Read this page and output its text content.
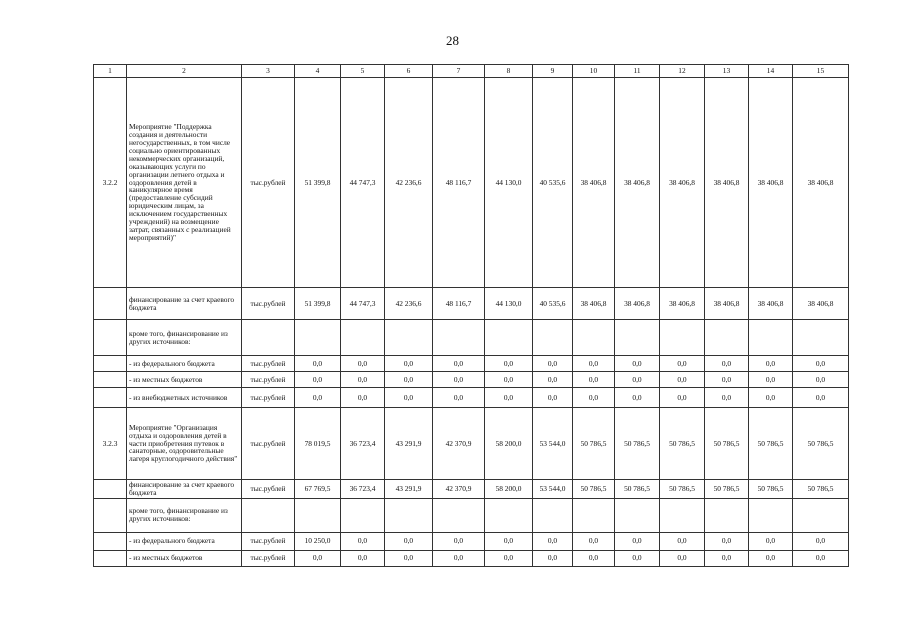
28
1	2	3	4	5	6	7	8	9	10	11	12	13	14	15
3.2.2	Мероприятие "Поддержка создания и деятельности негосударственных, в том числе социально ориентированных некоммерческих организаций, оказывающих услуги по организации летнего отдыха и оздоровления детей в каникулярное время (предоставление субсидий юридическим лицам, за исключением государственных учреждений) на возмещение затрат, связанных с реализацией мероприятий)"	тыс.рублей	51 399,8	44 747,3	42 236,6	48 116,7	44 130,0	40 535,6	38 406,8	38 406,8	38 406,8	38 406,8	38 406,8	38 406,8
	финансирование за счет краевого бюджета	тыс.рублей	51 399,8	44 747,3	42 236,6	48 116,7	44 130,0	40 535,6	38 406,8	38 406,8	38 406,8	38 406,8	38 406,8	38 406,8
	кроме того, финансирование из других источников:													
	- из федерального бюджета	тыс.рублей	0,0	0,0	0,0	0,0	0,0	0,0	0,0	0,0	0,0	0,0	0,0	0,0
	- из местных бюджетов	тыс.рублей	0,0	0,0	0,0	0,0	0,0	0,0	0,0	0,0	0,0	0,0	0,0	0,0
	- из внебюджетных источников	тыс.рублей	0,0	0,0	0,0	0,0	0,0	0,0	0,0	0,0	0,0	0,0	0,0	0,0
3.2.3	Мероприятие "Организация отдыха и оздоровления детей в части приобретения путевок в санаторные, оздоровительные лагеря круглогодичного действия"	тыс.рублей	78 019,5	36 723,4	43 291,9	42 370,9	58 200,0	53 544,0	50 786,5	50 786,5	50 786,5	50 786,5	50 786,5	50 786,5
	финансирование за счет краевого бюджета	тыс.рублей	67 769,5	36 723,4	43 291,9	42 370,9	58 200,0	53 544,0	50 786,5	50 786,5	50 786,5	50 786,5	50 786,5	50 786,5
	кроме того, финансирование из других источников:													
	- из федерального бюджета	тыс.рублей	10 250,0	0,0	0,0	0,0	0,0	0,0	0,0	0,0	0,0	0,0	0,0	0,0
	- из местных бюджетов	тыс.рублей	0,0	0,0	0,0	0,0	0,0	0,0	0,0	0,0	0,0	0,0	0,0	0,0
